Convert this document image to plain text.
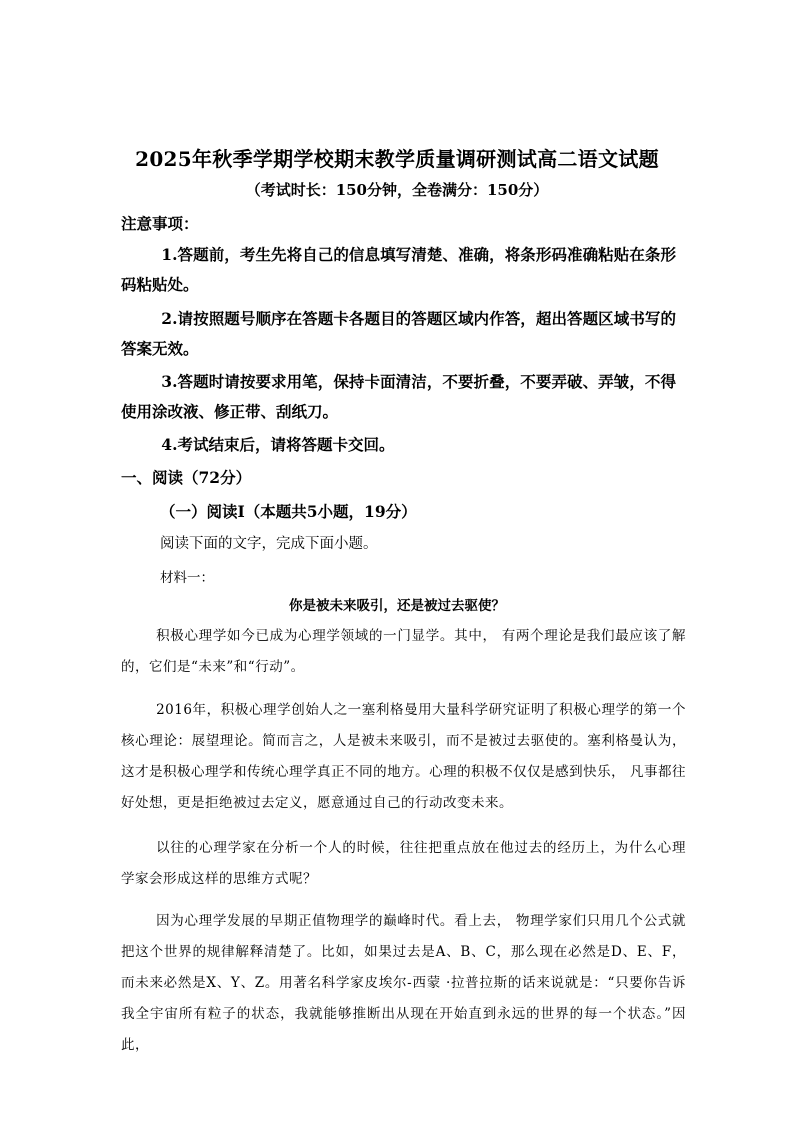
2025年秋季学期学校期末教学质量调研测试高二语文试题
（考试时长：150分钟，全卷满分：150分）
注意事项：
1.答题前，考生先将自己的信息填写清楚、准确，将条形码准确粘贴在条形码粘贴处。
2.请按照题号顺序在答题卡各题目的答题区域内作答，超出答题区域书写的答案无效。
3.答题时请按要求用笔，保持卡面清洁，不要折叠，不要弄破、弄皱，不得使用涂改液、修正带、刮纸刀。
4.考试结束后，请将答题卡交回。
一、阅读（72分）
（一）阅读Ⅰ（本题共5小题，19分）
阅读下面的文字，完成下面小题。
材料一：
你是被未来吸引，还是被过去驱使？
积极心理学如今已成为心理学领域的一门显学。其中， 有两个理论是我们最应该了解的，它们是“未来”和“行动”。
2016年，积极心理学创始人之一塞利格曼用大量科学研究证明了积极心理学的第一个核心理论：展望理论。简而言之，人是被未来吸引，而不是被过去驱使的。塞利格曼认为，这才是积极心理学和传统心理学真正不同的地方。心理的积极不仅仅是感到快乐， 凡事都往好处想，更是拒绝被过去定义，愿意通过自己的行动改变未来。
以往的心理学家在分析一个人的时候，往往把重点放在他过去的经历上，为什么心理学家会形成这样的思维方式呢？
因为心理学发展的早期正值物理学的巅峰时代。看上去， 物理学家们只用几个公式就把这个世界的规律解释清楚了。比如，如果过去是A、B、C，那么现在必然是D、E、F，而未来必然是X、Y、Z。用著名科学家皮埃尔-西蒙 ·拉普拉斯的话来说就是：“只要你告诉我全宇宙所有粒子的状态，我就能够推断出从现在开始直到永远的世界的每一个状态。”因此，
